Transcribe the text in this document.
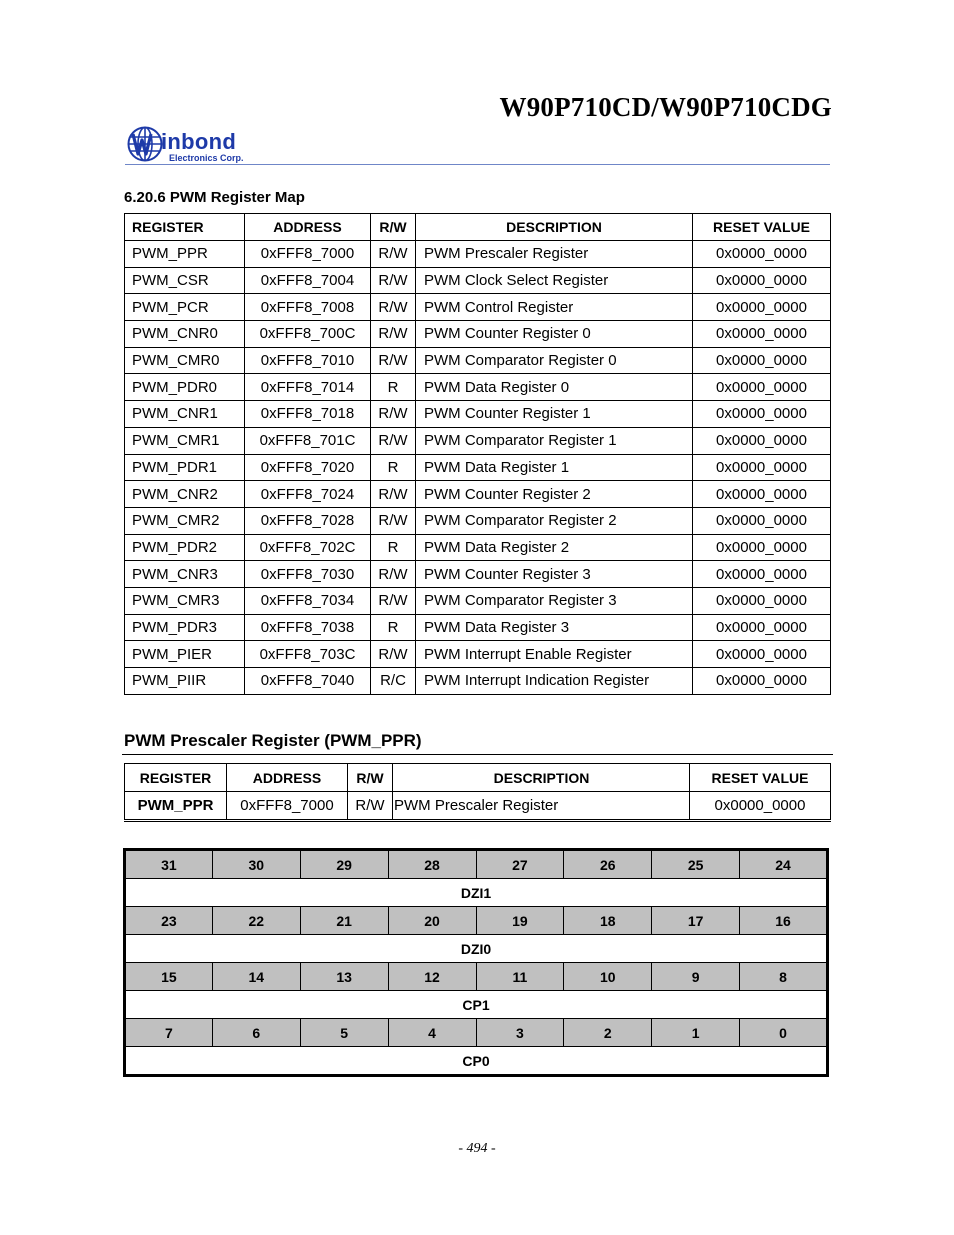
W90P710CD/W90P710CDG
inbond
Electronics Corp.
6.20.6 PWM Register Map
REGISTER	ADDRESS	R/W	DESCRIPTION	RESET VALUE
PWM_PPR	0xFFF8_7000	R/W	PWM Prescaler Register	0x0000_0000
PWM_CSR	0xFFF8_7004	R/W	PWM Clock Select Register	0x0000_0000
PWM_PCR	0xFFF8_7008	R/W	PWM Control Register	0x0000_0000
PWM_CNR0	0xFFF8_700C	R/W	PWM Counter Register 0	0x0000_0000
PWM_CMR0	0xFFF8_7010	R/W	PWM Comparator Register 0	0x0000_0000
PWM_PDR0	0xFFF8_7014	R	PWM Data Register 0	0x0000_0000
PWM_CNR1	0xFFF8_7018	R/W	PWM Counter Register 1	0x0000_0000
PWM_CMR1	0xFFF8_701C	R/W	PWM Comparator Register 1	0x0000_0000
PWM_PDR1	0xFFF8_7020	R	PWM Data Register 1	0x0000_0000
PWM_CNR2	0xFFF8_7024	R/W	PWM Counter Register 2	0x0000_0000
PWM_CMR2	0xFFF8_7028	R/W	PWM Comparator Register 2	0x0000_0000
PWM_PDR2	0xFFF8_702C	R	PWM Data Register 2	0x0000_0000
PWM_CNR3	0xFFF8_7030	R/W	PWM Counter Register 3	0x0000_0000
PWM_CMR3	0xFFF8_7034	R/W	PWM Comparator Register 3	0x0000_0000
PWM_PDR3	0xFFF8_7038	R	PWM Data Register 3	0x0000_0000
PWM_PIER	0xFFF8_703C	R/W	PWM Interrupt Enable Register	0x0000_0000
PWM_PIIR	0xFFF8_7040	R/C	PWM Interrupt Indication Register	0x0000_0000
PWM Prescaler Register (PWM_PPR)
REGISTER	ADDRESS	R/W	DESCRIPTION	RESET VALUE
PWM_PPR	0xFFF8_7000	R/W	PWM Prescaler Register	0x0000_0000
31	30	29	28	27	26	25	24
DZI1							
23	22	21	20	19	18	17	16
DZI0							
15	14	13	12	11	10	9	8
CP1							
7	6	5	4	3	2	1	0
CP0							
- 494 -
